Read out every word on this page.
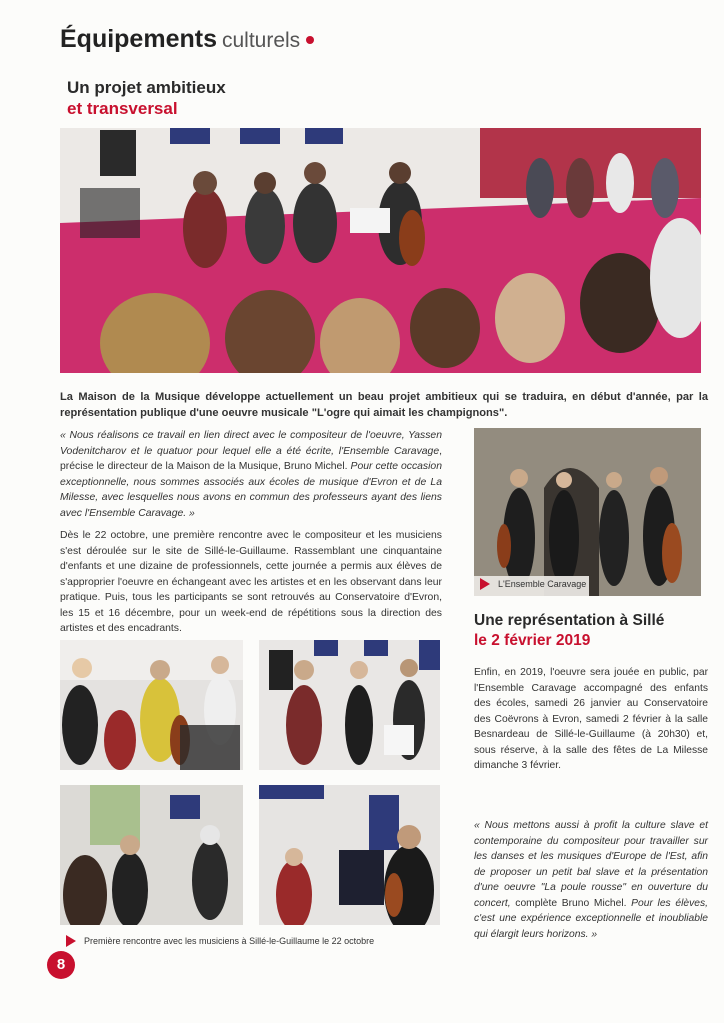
Équipements culturels
Un projet ambitieux
et transversal
La Maison de la Musique développe actuellement un beau projet ambitieux qui se traduira, en début d'année, par la représentation publique d'une oeuvre musicale "L'ogre qui aimait les champignons".

« Nous réalisons ce travail en lien direct avec le compositeur de l'oeuvre, Yassen Vodenitcharov et le quatuor pour lequel elle a été écrite, l'Ensemble Caravage, précise le directeur de la Maison de la Musique, Bruno Michel. Pour cette occasion exceptionnelle, nous sommes associés aux écoles de musique d'Evron et de La Milesse, avec lesquelles nous avons en commun des professeurs ayant des liens avec l'Ensemble Caravage. »

Dès le 22 octobre, une première rencontre avec le compositeur et les musiciens s'est déroulée sur le site de Sillé-le-Guillaume. Rassemblant une cinquantaine d'enfants et une dizaine de professionnels, cette journée a permis aux élèves de s'approprier l'oeuvre en échangeant avec les artistes et en les observant dans leur pratique. Puis, tous les participants se sont retrouvés au Conservatoire d'Evron, les 15 et 16 décembre, pour un week-end de répétitions sous la direction des artistes et des encadrants.

L'Ensemble Caravage
Une représentation à Sillé
le 2 février 2019
Enfin, en 2019, l'oeuvre sera jouée en public, par l'Ensemble Caravage accompagné des enfants des écoles, samedi 26 janvier au Conservatoire des Coëvrons à Evron, samedi 2 février à la salle Besnardeau de Sillé-le-Guillaume (à 20h30) et, sous réserve, à la salle des fêtes de La Milesse dimanche 3 février.
« Nous mettons aussi à profit la culture slave et contemporaine du compositeur pour travailler sur les danses et les musiques d'Europe de l'Est, afin de proposer un petit bal slave et la présentation d'une oeuvre "La poule rousse" en ouverture du concert, complète Bruno Michel. Pour les élèves, c'est une expérience exceptionnelle et inoubliable qui élargit leurs horizons. »
Première rencontre avec les musiciens à Sillé-le-Guillaume le 22 octobre
8
